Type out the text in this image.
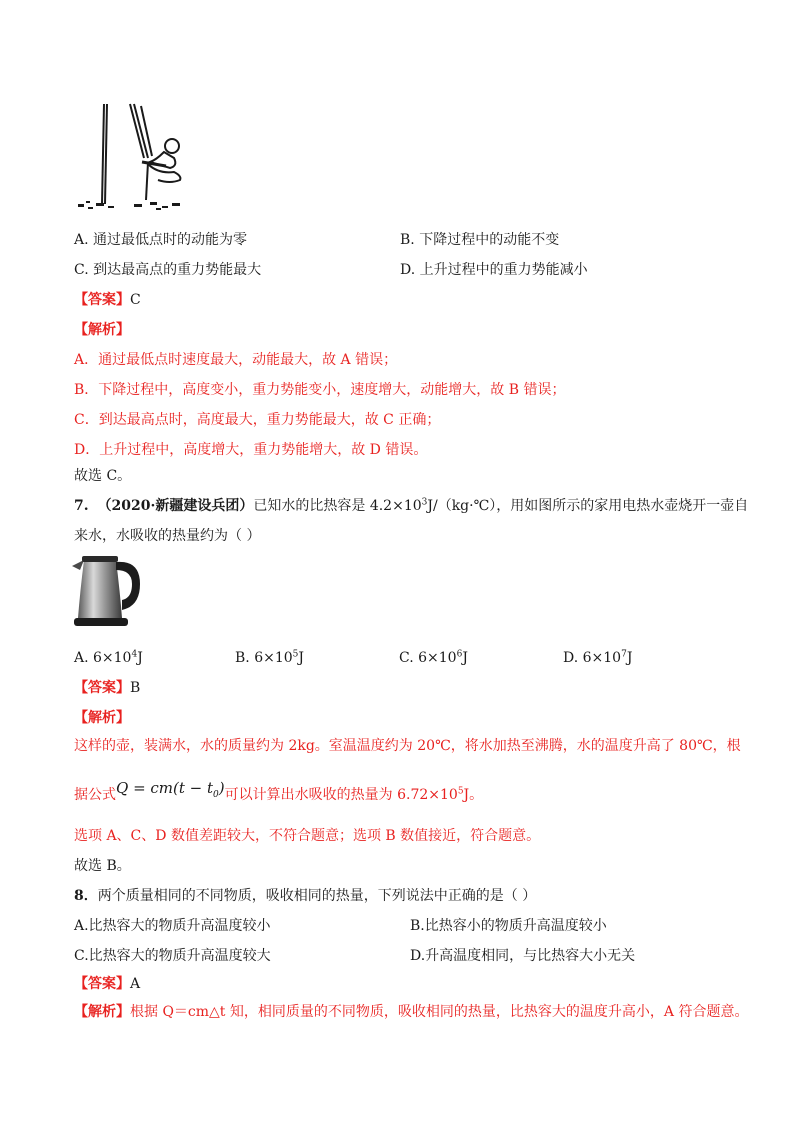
A. 通过最低点时的动能为零	B. 下降过程中的动能不变
C. 到达最高点的重力势能最大	D. 上升过程中的重力势能减小
【答案】C
【解析】
A．通过最低点时速度最大，动能最大，故 A 错误；
B．下降过程中，高度变小，重力势能变小，速度增大，动能增大，故 B 错误；
C．到达最高点时，高度最大，重力势能最大，故 C 正确；
D．上升过程中，高度增大，重力势能增大，故 D 错误。
故选 C。
7. （2020·新疆建设兵团）已知水的比热容是 $4.2\times 10^3J/(kg\cdot℃)$，用如图所示的家用电热水壶烧开一壶自
来水，水吸收的热量约为（ ）
A. $6\times 10^4J$	B. $6\times 10^5J$	C. $6\times 10^6J$	D. $6\times 10^7J$
【答案】B
【解析】
这样的壶，装满水，水的质量约为 2kg。室温温度约为 20℃，将水加热至沸腾，水的温度升高了 80℃，根
据公式$Q = cm(t - t_0)$可以计算出水吸收的热量为 $6.72\times 10^5J$。
选项 A、C、D 数值差距较大，不符合题意；选项 B 数值接近，符合题意。
故选 B。
8．两个质量相同的不同物质，吸收相同的热量，下列说法中正确的是（ ）
A.比热容大的物质升高温度较小	B.比热容小的物质升高温度较小
C.比热容大的物质升高温度较大	D.升高温度相同，与比热容大小无关
【答案】A
【解析】根据 Q＝cm△t 知，相同质量的不同物质，吸收相同的热量，比热容大的温度升高小，A 符合题意。
